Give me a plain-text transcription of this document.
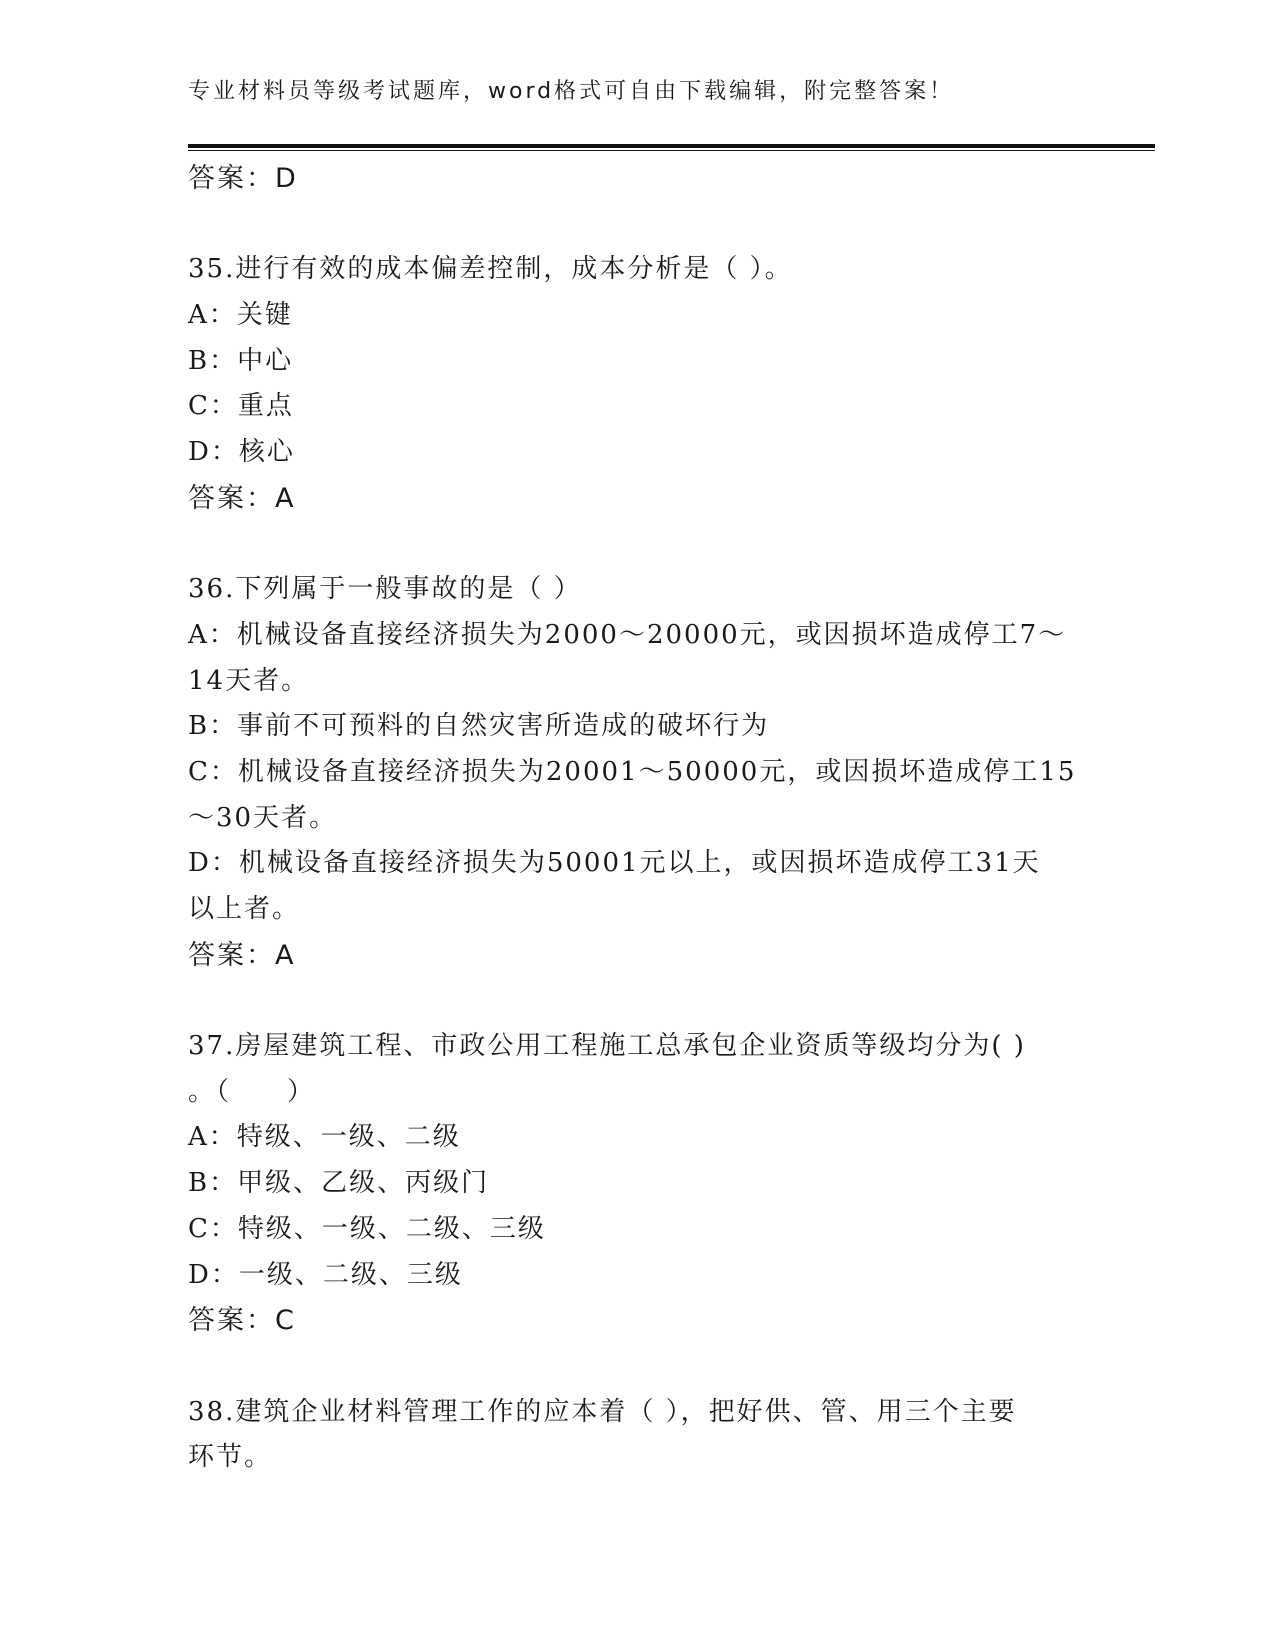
专业材料员等级考试题库，word格式可自由下载编辑，附完整答案！
答案：D
35.进行有效的成本偏差控制，成本分析是（ ）。
A：关键
B：中心
C：重点
D：核心
答案：A
36.下列属于一般事故的是（ ）
A：机械设备直接经济损失为2000～20000元，或因损坏造成停工7～
14天者。
B：事前不可预料的自然灾害所造成的破坏行为
C：机械设备直接经济损失为20001～50000元，或因损坏造成停工15
～30天者。
D：机械设备直接经济损失为50001元以上，或因损坏造成停工31天
以上者。
答案：A
37.房屋建筑工程、市政公用工程施工总承包企业资质等级均分为( )
。（　　）
A：特级、一级、二级
B：甲级、乙级、丙级门
C：特级、一级、二级、三级
D：一级、二级、三级
答案：C
38.建筑企业材料管理工作的应本着（ ），把好供、管、用三个主要
环节。
